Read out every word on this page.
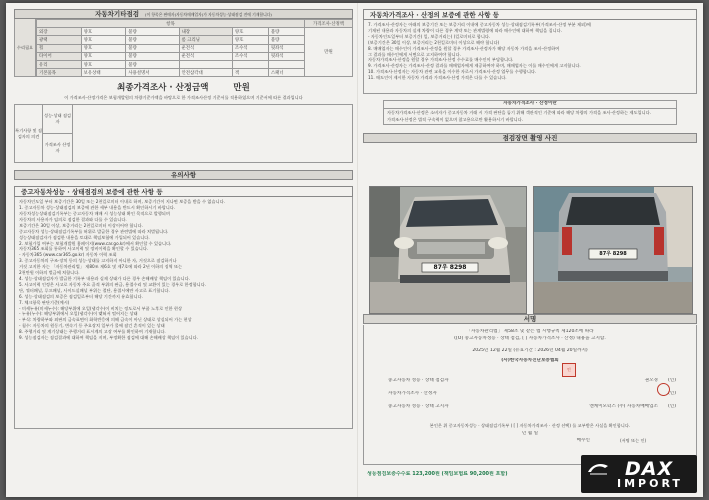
자동차기타점검 (이 항목은 판매자(자동차매매업자)가 자동차성능·상태점검 전에 기재합니다)
수리필요
항목						가격조사·산정액
외장	양호	불량	내장	양호	불량	만원
광택	양호	불량	룸 크리닝	양호	불량	
휠	양호	불량	운전석	조수석	뒷좌석	
타이어	양호	불량	운전석	조수석	뒷좌석	
유리	양호	불량				
기본품목	보유상태	사용설명서	안전삼각대	잭	스패너	
최종가격조사 · 산정금액	만원
이 가격조사·산정가격은 보험개발원의 차량기준가액을 바탕으로 한 가격조사산정 기준서를 적용하였으며 기준서에 따른 결과입니다
특기사항 및 점검자의 의견
성능·상태 점검자
가격조사 산정자
유의사항
중고자동차성능 · 상태점검의 보증에 관한 사항 등
자동차인도일 부터 보증기간은 30일 또는 2천킬로미터 이내로 하며, 보증기간이 지나면 보증을 받을 수 없습니다.
1. 중고자동차 성능·상태점검의 보증에 관한 세부 내용을 반드시 확인하시기 바랍니다.
자동차성능상태점검기록부는 중고자동차 매매 시 성능상태 확인 목적으로 발행되며
자동차의 사용자가 임의로 점검한 결과와 다를 수 있습니다.
보증기간은 30일 이상, 보증거리는 2천킬로미터 이상이어야 합니다.
중고자동차 성능·상태점검기록부를 허위로 발급한 경우 관련법에 따라 처벌됩니다.
성능상태점검자가 점검한 내용을 토대로 책임보험에 가입되어 있습니다.
2. 보험가입 여부는 보험개발원 홈페이지(www.car.go.kr)에서 확인할 수 있습니다.
자동차365 조회를 통하여 사고이력 및 정비이력을 확인할 수 있습니다.
- 자동차365 (www.car365.go.kr) 자동차 이력 조회
3. 중고자동차의 구조·장치 등의 성능·상태를 고지하지 아니한 자, 거짓으로 점검하거나
거짓 고지한 자는 「자동차관리법」 제80조 제6호 및 제7호에 따라 2년 이하의 징역 또는
2천만원 이하의 벌금에 처합니다.
4. 성능·상태점검자가 발급한 기록부 내용과 실제 상태가 다른 경우 손해배상 책임이 있습니다.
5. 사고이력 인정은 사고로 자동차 주요 골격 부위의 판금, 용접수리 및 교환이 있는 경우로 한정합니다.
단, 쿼터패널, 루프패널, 사이드실패널 부위는 절단, 용접시에만 사고로 표기합니다.
6. 성능·상태점검의 보증은 점검일로부터 해당 기간까지 유효합니다.
7. 체크항목 판단기준(예시)
- 미세누유(미세누수): 해당부위에 오일(냉각수)이 비치는 정도로서 부품 노후로 인한 현상
- 누유(누수): 해당부위에서 오일(냉각수)이 맺혀서 떨어지는 상태
- 부식: 차량하부와 외판의 금속표면이 화학반응에 의해 금속이 아닌 상태로 상실되어 가는 현상
- 침수: 자동차의 원동기, 변속기 등 주요장치 일부가 물에 잠긴 흔적이 있는 상태
8. 주행거리 및 계기상태는 주행거리 표시계의 고장 여부를 확인하여 기재합니다.
9. 성능점검자는 점검결과에 대하여 책임을 지며, 부정확한 점검에 대해 손해배상 책임이 있습니다.
자동차가격조사 · 산정의 보증에 관한 사항 등
7. 가격조사·산정자는 아래의 보증기간 또는 보증거리 이내에 중고자동차 성능·상태점검기록부(가격조사·산정 부분 제외)에
기재된 내용과 자동차의 실제 차량이 다른 경우 계약 또는 관계법령에 따라 매수인에 대하여 책임을 집니다.
- 자동차인도일부터 보증기간( 일, 보증거리는( )킬로미터로 합니다.
(보증기간은 30일 이상, 보증거리는 2천킬로미터 이상으로 해야 합니다)
8. 매매업자는 매수인이 가격조사·산정을 원할 경우 가격조사·산정자가 해당 자동차 가격을 조사·산정하여
그 결과를 매수인에게 서면으로 고지하여야 합니다.
자동차가격조사·산정을 원할 경우 가격조사·산정 수수료를 매수인이 부담합니다.
9. 가격조사·산정자는 가격조사·산정 결과를 매매업자에게 제공하여야 하며, 매매업자는 이를 매수인에게 고지합니다.
10. 가격조사·산정자는 자동차 관련 교육을 이수한 자로서 가격조사·산정 업무를 수행합니다.
11. 매도인이 제시한 자동차 가격과 가격조사·산정 가격은 다를 수 있습니다.
자동차가격조사 · 산정이란
자동차가격조사·산정은 소비자가 중고자동차 거래 시 가격 판단을 돕기 위해 객관적인 기준에 따라 해당 차량의 가격을 조사·산정하는 제도입니다.
가격조사·산정은 법적 구속력이 없으며 참고용으로만 활용하시기 바랍니다.
점검장면 촬영 사진
87우 8298
87우 8298
서명
「자동차관리법」 제58조 및 같은 법 시행규칙 제120조에 따라
([O] 중고자동차성능 · 상태 점검, [ ] 자동차가격조사 · 산정) 내용을 고지함.
2025년 12월 22일 (유효기간 : 2026년 04월 20일까지)
(사)한국자동차진단보증협회
인
중고자동차 성능 · 상태 점검자	권오경	(인)
자동차가격조사 · 산정자	(인)
중고자동차 성능 · 상태 고지자	엔케이모터스 (주) 자동차매매업소	(인)
본인은 위 중고자동차성능 · 상태점검기록부 ( [ ] 자동차가격조사 · 산정 선택) 를 교부받은 사실을 확인합니다.
년 월 일
매수인	(서명 또는 인)
성능점검보증수수료 123,200원 (책임보험료 90,200원 포함)	DAX
IMPORT
